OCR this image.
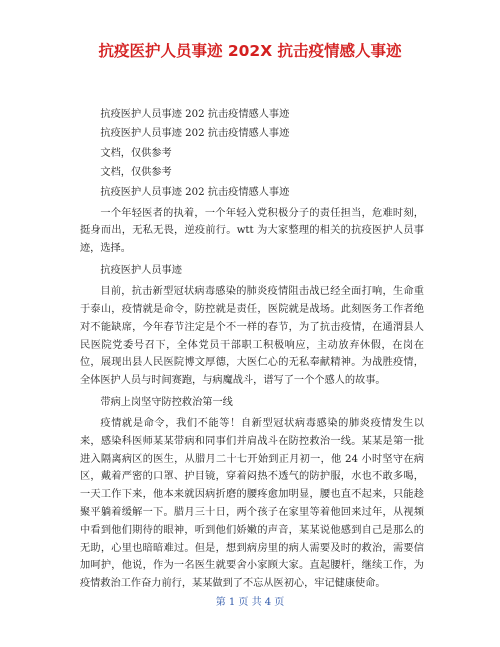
抗疫医护人员事迹 202X 抗击疫情感人事迹

抗疫医护人员事迹 202 抗击疫情感人事迹

抗疫医护人员事迹 202 抗击疫情感人事迹

文档，仅供参考

文档，仅供参考

抗疫医护人员事迹 202 抗击疫情感人事迹

一个年轻医者的执着，一个年轻入党积极分子的责任担当，危难时刻，挺身而出，无私无畏，逆疫前行。wtt 为大家整理的相关的抗疫医护人员事迹，选择。

抗疫医护人员事迹

目前，抗击新型冠状病毒感染的肺炎疫情阻击战已经全面打响，生命重于泰山，疫情就是命令，防控就是责任，医院就是战场。此刻医务工作者绝对不能缺席，今年春节注定是个不一样的春节，为了抗击疫情，在通渭县人民医院党委号召下，全体党员干部职工积极响应，主动放弃休假，在岗在位，展现出县人民医院博文厚德，大医仁心的无私奉献精神。为战胜疫情，全体医护人员与时间赛跑，与病魔战斗，谱写了一个个感人的故事。

带病上岗坚守防控救治第一线

疫情就是命令，我们不能等！自新型冠状病毒感染的肺炎疫情发生以来，感染科医师某某带病和同事们并肩战斗在防控救治一线。某某是第一批进入隔离病区的医生，从腊月二十七开始到正月初一，他 24 小时坚守在病区，戴着严密的口罩、护目镜，穿着闷热不透气的防护服，水也不敢多喝，一天工作下来，他本来就因病折磨的腰疼愈加明显，腰也直不起来，只能趁聚平躺着缓解一下。腊月三十日，两个孩子在家里等着他回来过年，从视频中看到他们期待的眼神，听到他们娇嫩的声音，某某说他感到自己是那么的无助，心里也暗暗难过。但是，想到病房里的病人需要及时的救治，需要信加呵护，他说，作为一名医生就要舍小家顾大家。直起腰杆，继续工作，为疫情救治工作奋力前行，某某做到了不忘从医初心，牢记健康使命。

第 1 页 共 4 页
